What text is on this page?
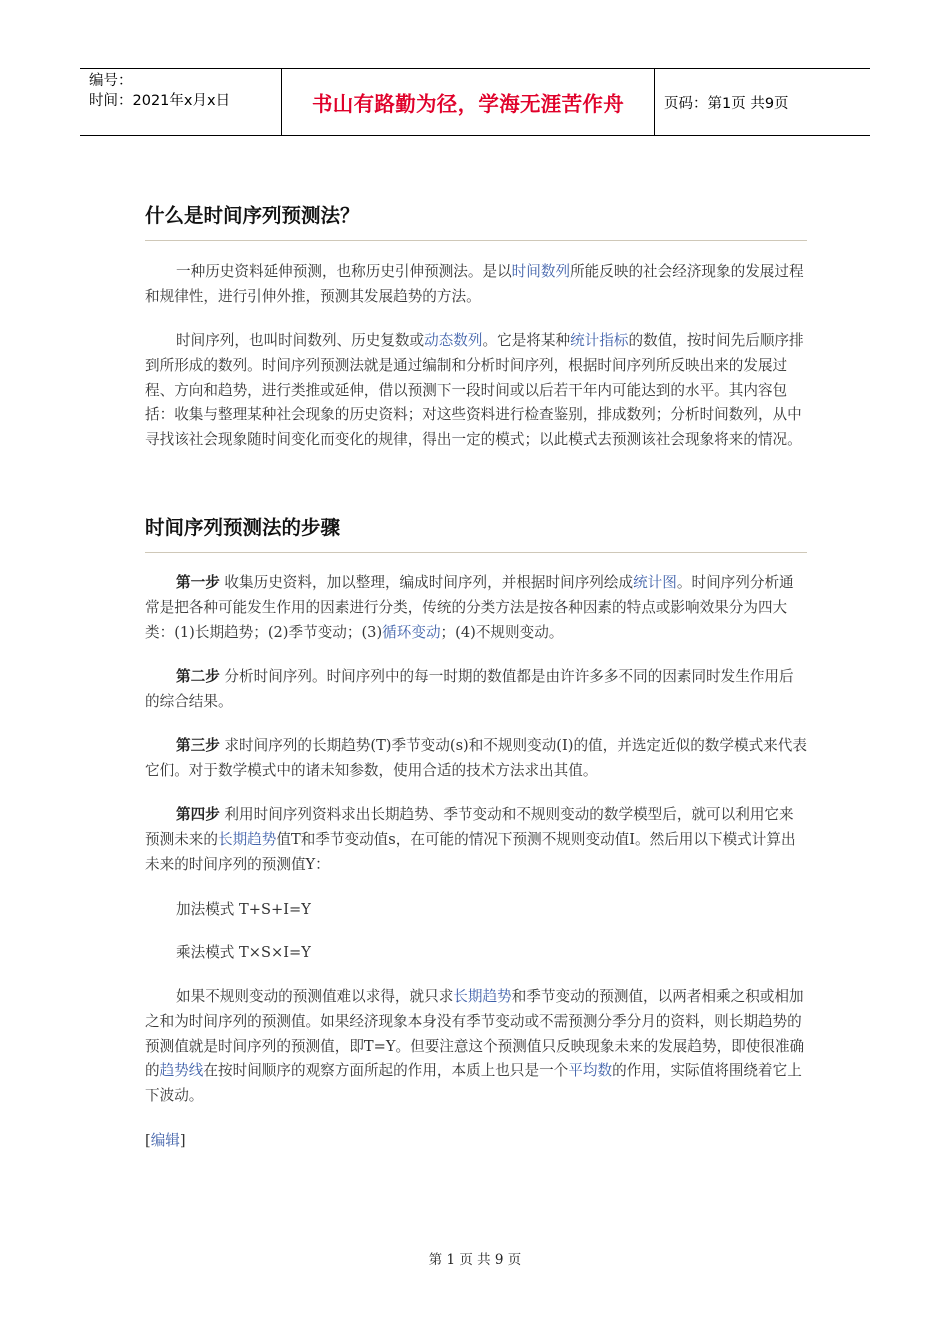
编号：
时间：2021年x月x日	书山有路勤为径，学海无涯苦作舟	页码：第1页 共9页
什么是时间序列预测法？

一种历史资料延伸预测，也称历史引伸预测法。是以时间数列所能反映的社会经济现象的发展过程和规律性，进行引伸外推，预测其发展趋势的方法。

时间序列，也叫时间数列、历史复数或动态数列。它是将某种统计指标的数值，按时间先后顺序排到所形成的数列。时间序列预测法就是通过编制和分析时间序列，根据时间序列所反映出来的发展过程、方向和趋势，进行类推或延伸，借以预测下一段时间或以后若干年内可能达到的水平。其内容包括：收集与整理某种社会现象的历史资料；对这些资料进行检查鉴别，排成数列；分析时间数列，从中寻找该社会现象随时间变化而变化的规律，得出一定的模式；以此模式去预测该社会现象将来的情况。

时间序列预测法的步骤

第一步 收集历史资料，加以整理，编成时间序列，并根据时间序列绘成统计图。时间序列分析通常是把各种可能发生作用的因素进行分类，传统的分类方法是按各种因素的特点或影响效果分为四大类：(1)长期趋势；(2)季节变动；(3)循环变动；(4)不规则变动。

第二步 分析时间序列。时间序列中的每一时期的数值都是由许许多多不同的因素同时发生作用后的综合结果。

第三步 求时间序列的长期趋势(T)季节变动(s)和不规则变动(I)的值，并选定近似的数学模式来代表它们。对于数学模式中的诸未知参数，使用合适的技术方法求出其值。

第四步 利用时间序列资料求出长期趋势、季节变动和不规则变动的数学模型后，就可以利用它来预测未来的长期趋势值T和季节变动值s，在可能的情况下预测不规则变动值I。然后用以下模式计算出未来的时间序列的预测值Y：

加法模式 T+S+I=Y
乘法模式 T×S×I=Y

如果不规则变动的预测值难以求得，就只求长期趋势和季节变动的预测值，以两者相乘之积或相加之和为时间序列的预测值。如果经济现象本身没有季节变动或不需预测分季分月的资料，则长期趋势的预测值就是时间序列的预测值，即T=Y。但要注意这个预测值只反映现象未来的发展趋势，即使很准确的趋势线在按时间顺序的观察方面所起的作用，本质上也只是一个平均数的作用，实际值将围绕着它上下波动。

[编辑]
第 1 页 共 9 页
